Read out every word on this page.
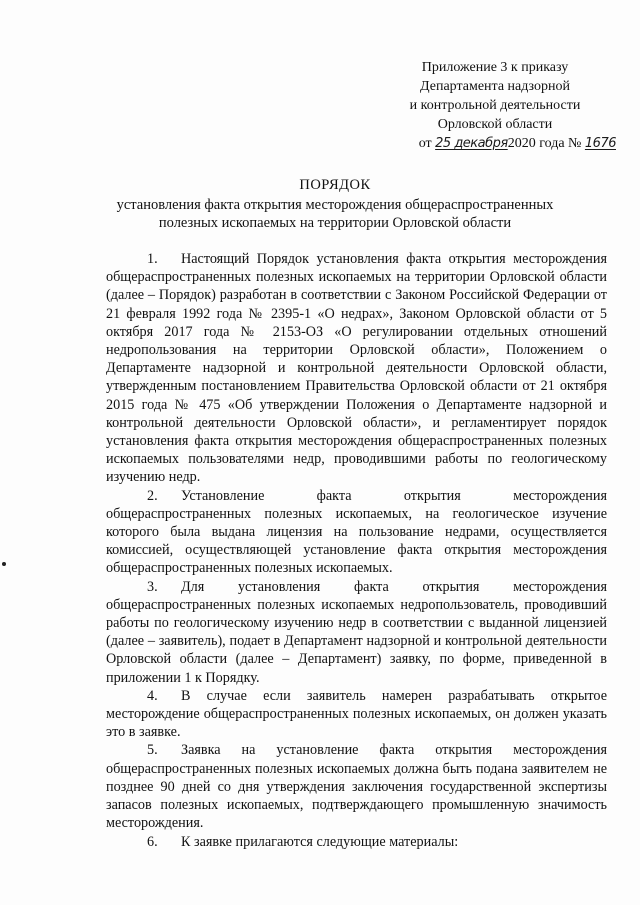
Приложение 3 к приказу
Департамента надзорной
и контрольной деятельности
Орловской области
от 25 декабря2020 года № 1676
ПОРЯДОК
установления факта открытия месторождения общераспространенных полезных ископаемых на территории Орловской области

1. Настоящий Порядок установления факта открытия месторождения общераспространенных полезных ископаемых на территории Орловской области (далее – Порядок) разработан в соответствии с Законом Российской Федерации от 21 февраля 1992 года № 2395-1 «О недрах», Законом Орловской области от 5 октября 2017 года № 2153-ОЗ «О регулировании отдельных отношений недропользования на территории Орловской области», Положением о Департаменте надзорной и контрольной деятельности Орловской области, утвержденным постановлением Правительства Орловской области от 21 октября 2015 года № 475 «Об утверждении Положения о Департаменте надзорной и контрольной деятельности Орловской области», и регламентирует порядок установления факта открытия месторождения общераспространенных полезных ископаемых пользователями недр, проводившими работы по геологическому изучению недр.

2. Установление факта открытия месторождения общераспространенных полезных ископаемых, на геологическое изучение которого была выдана лицензия на пользование недрами, осуществляется комиссией, осуществляющей установление факта открытия месторождения общераспространенных полезных ископаемых.

3. Для установления факта открытия месторождения общераспространенных полезных ископаемых недропользователь, проводивший работы по геологическому изучению недр в соответствии с выданной лицензией (далее – заявитель), подает в Департамент надзорной и контрольной деятельности Орловской области (далее – Департамент) заявку, по форме, приведенной в приложении 1 к Порядку.

4. В случае если заявитель намерен разрабатывать открытое месторождение общераспространенных полезных ископаемых, он должен указать это в заявке.

5. Заявка на установление факта открытия месторождения общераспространенных полезных ископаемых должна быть подана заявителем не позднее 90 дней со дня утверждения заключения государственной экспертизы запасов полезных ископаемых, подтверждающего промышленную значимость месторождения.

6. К заявке прилагаются следующие материалы:
